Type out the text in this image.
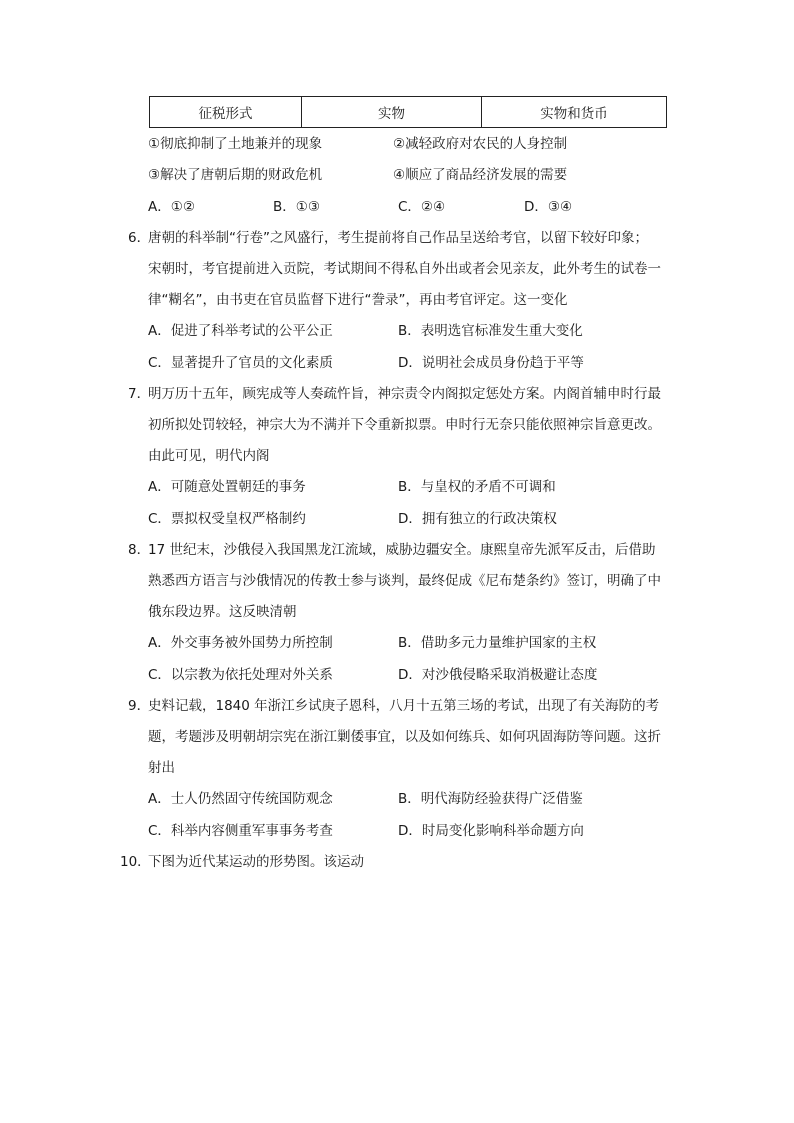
征税形式	实物	实物和货币
①彻底抑制了土地兼并的现象	②减轻政府对农民的人身控制
③解决了唐朝后期的财政危机	④顺应了商品经济发展的需要
A．①②	B．①③	C．②④	D．③④
6．
唐朝的科举制“行卷”之风盛行，考生提前将自己作品呈送给考官，以留下较好印象；
宋朝时，考官提前进入贡院，考试期间不得私自外出或者会见亲友，此外考生的试卷一
律“糊名”，由书吏在官员监督下进行“誊录”，再由考官评定。这一变化
A．促进了科举考试的公平公正	B．表明选官标准发生重大变化
C．显著提升了官员的文化素质	D．说明社会成员身份趋于平等
7．
明万历十五年，顾宪成等人奏疏忤旨，神宗责令内阁拟定惩处方案。内阁首辅申时行最
初所拟处罚较轻，神宗大为不满并下令重新拟票。申时行无奈只能依照神宗旨意更改。
由此可见，明代内阁
A．可随意处置朝廷的事务	B．与皇权的矛盾不可调和
C．票拟权受皇权严格制约	D．拥有独立的行政决策权
8．
17 世纪末，沙俄侵入我国黑龙江流域，威胁边疆安全。康熙皇帝先派军反击，后借助
熟悉西方语言与沙俄情况的传教士参与谈判，最终促成《尼布楚条约》签订，明确了中
俄东段边界。这反映清朝
A．外交事务被外国势力所控制	B．借助多元力量维护国家的主权
C．以宗教为依托处理对外关系	D．对沙俄侵略采取消极避让态度
9．
史料记载，1840 年浙江乡试庚子恩科，八月十五第三场的考试，出现了有关海防的考
题，考题涉及明朝胡宗宪在浙江剿倭事宜，以及如何练兵、如何巩固海防等问题。这折
射出
A．士人仍然固守传统国防观念	B．明代海防经验获得广泛借鉴
C．科举内容侧重军事事务考查	D．时局变化影响科举命题方向
10．
下图为近代某运动的形势图。该运动
